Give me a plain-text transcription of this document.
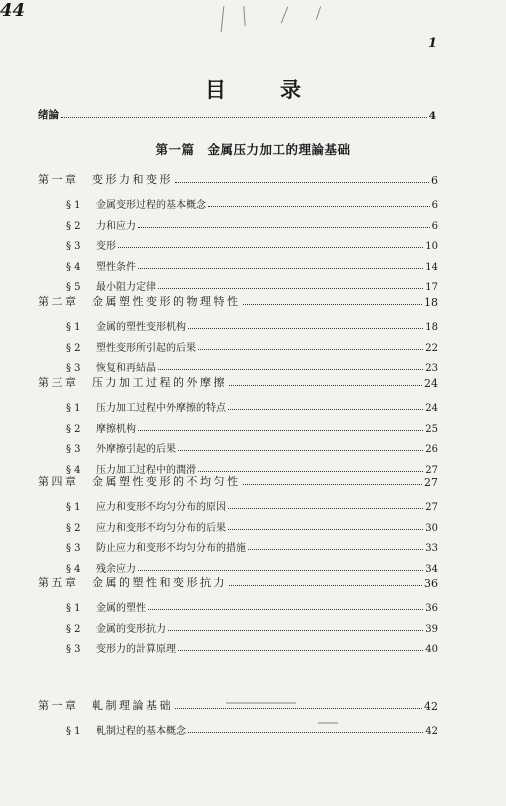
44
1
目录
绪論	4
第一篇　金属压力加工的理論基础
第一章　变形力和变形	6
§ 1 金属变形过程的基本概念	6
§ 2 力和应力	6
§ 3 变形	10
§ 4 塑性条件	14
§ 5 最小阻力定律	17
第二章　金属塑性变形的物理特性	18
§ 1 金属的塑性变形机构	18
§ 2 塑性变形所引起的后果	22
§ 3 恢复和再結晶	23
第三章　压力加工过程的外摩擦	24
§ 1 压力加工过程中外摩擦的特点	24
§ 2 摩擦机构	25
§ 3 外摩擦引起的后果	26
§ 4 压力加工过程中的潤滑	27
第四章　金属塑性变形的不均匀性	27
§ 1 应力和变形不均匀分布的原因	27
§ 2 应力和变形不均匀分布的后果	30
§ 3 防止应力和变形不均匀分布的措施	33
§ 4 残余应力	34
第五章　金属的塑性和变形抗力	36
§ 1 金属的塑性	36
§ 2 金属的变形抗力	39
§ 3 变形力的計算原理	40
第一章　軋制理論基础	42
§ 1 軋制过程的基本概念	42
